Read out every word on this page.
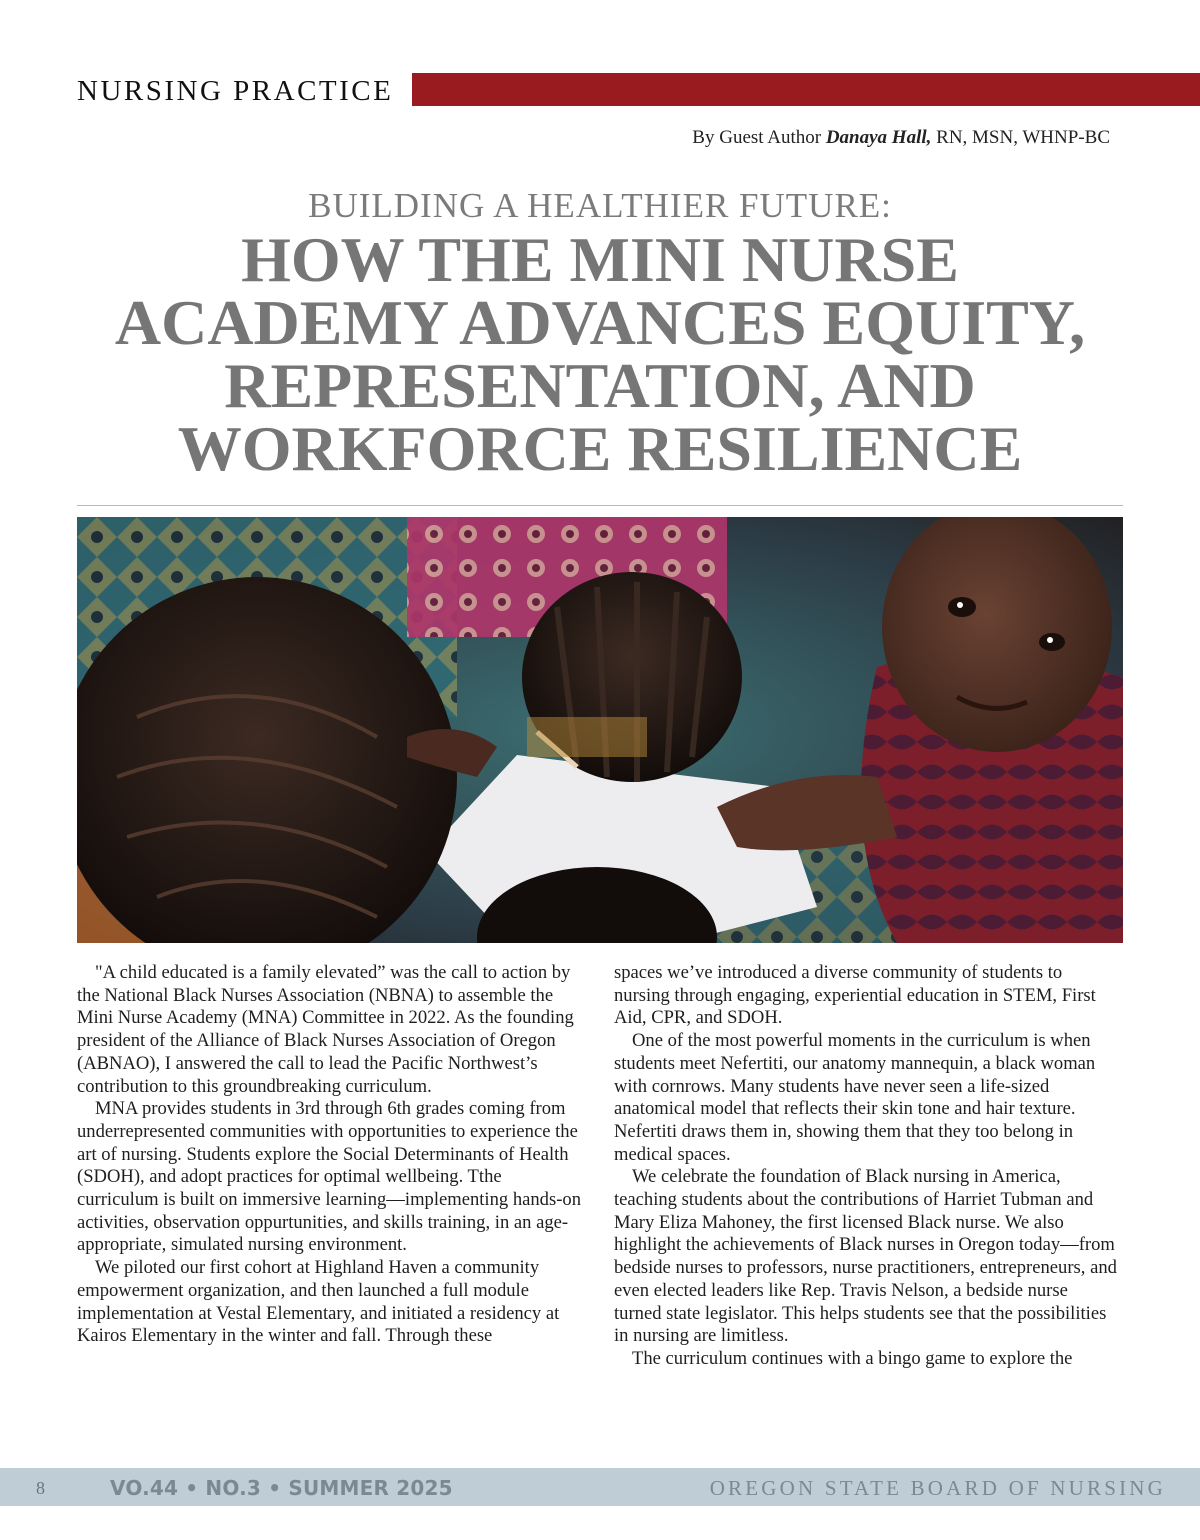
NURSING PRACTICE
By Guest Author Danaya Hall, RN, MSN, WHNP-BC
BUILDING A HEALTHIER FUTURE:
HOW THE MINI NURSE
ACADEMY ADVANCES EQUITY,
REPRESENTATION, AND
WORKFORCE RESILIENCE

"A child educated is a family elevated” was the call to action by the National Black Nurses Association (NBNA) to assemble the Mini Nurse Academy (MNA) Committee in 2022. As the founding president of the Alliance of Black Nurses Association of Oregon (ABNAO), I answered the call to lead the Pacific Northwest’s contribution to this groundbreaking curriculum.

MNA provides students in 3rd through 6th grades coming from underrepresented communities with opportunities to experience the art of nursing. Students explore the Social Determinants of Health (SDOH), and adopt practices for optimal wellbeing. Tthe curriculum is built on immersive learning—implementing hands-on activities, observation oppurtunities, and skills training, in an age-appropriate, simulated nursing environment.

We piloted our first cohort at Highland Haven a community empowerment organization, and then launched a full module implementation at Vestal Elementary, and initiated a residency at Kairos Elementary in the winter and fall. Through these

spaces we’ve introduced a diverse community of students to nursing through engaging, experiential education in STEM, First Aid, CPR, and SDOH.

One of the most powerful moments in the curriculum is when students meet Nefertiti, our anatomy mannequin, a black woman with cornrows. Many students have never seen a life-sized anatomical model that reflects their skin tone and hair texture. Nefertiti draws them in, showing them that they too belong in medical spaces.

We celebrate the foundation of Black nursing in America, teaching students about the contributions of Harriet Tubman and Mary Eliza Mahoney, the first licensed Black nurse. We also highlight the achievements of Black nurses in Oregon today—from bedside nurses to professors, nurse practitioners, entrepreneurs, and even elected leaders like Rep. Travis Nelson, a bedside nurse turned state legislator. This helps students see that the possibilities in nursing are limitless.

The curriculum continues with a bingo game to explore the

8	VO.44 • NO.3 • SUMMER 2025	OREGON STATE BOARD OF NURSING
